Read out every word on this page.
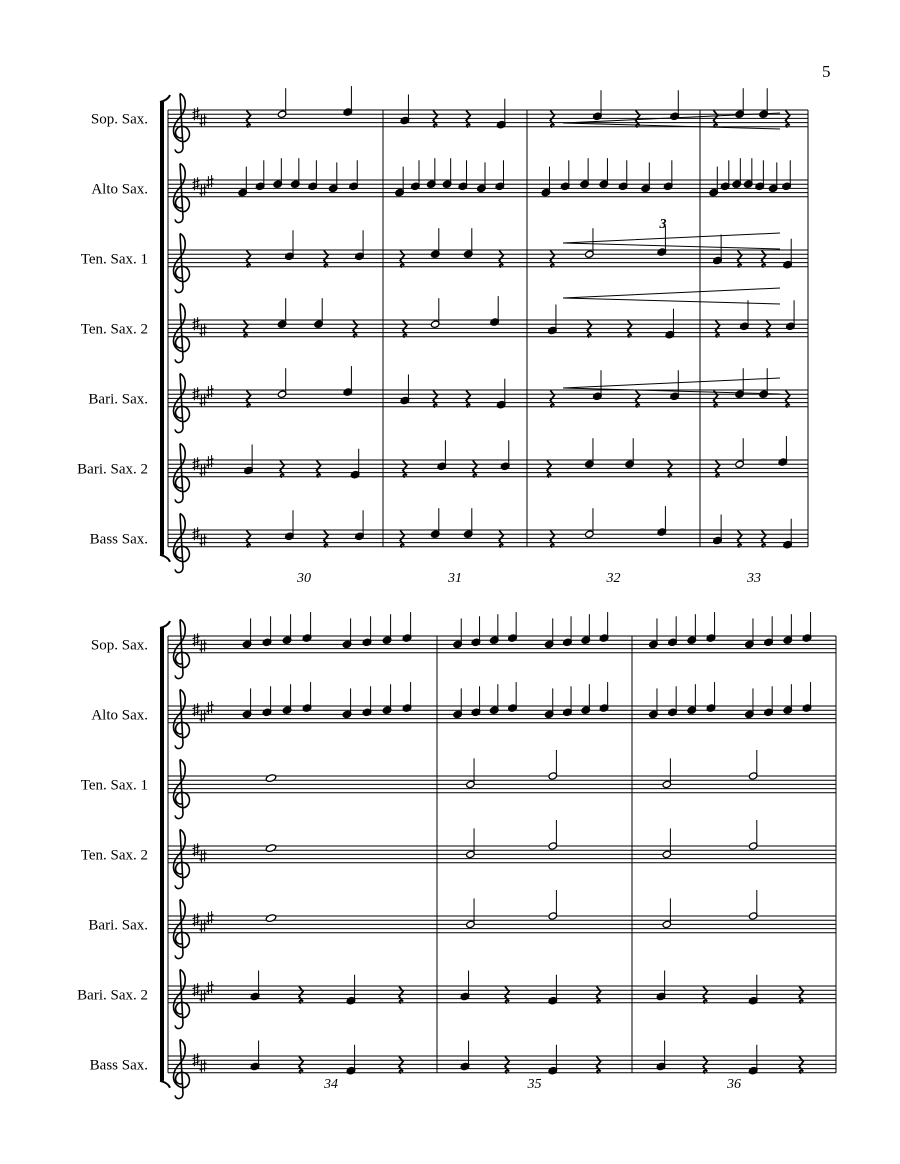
5
Sop. Sax.
Alto Sax.
Ten. Sax. 1
Ten. Sax. 2
Bari. Sax.
Bari. Sax. 2
Bass Sax.
30	31	32	33
3
Sop. Sax.
Alto Sax.
Ten. Sax. 1
Ten. Sax. 2
Bari. Sax.
Bari. Sax. 2
Bass Sax.
34	35	36
